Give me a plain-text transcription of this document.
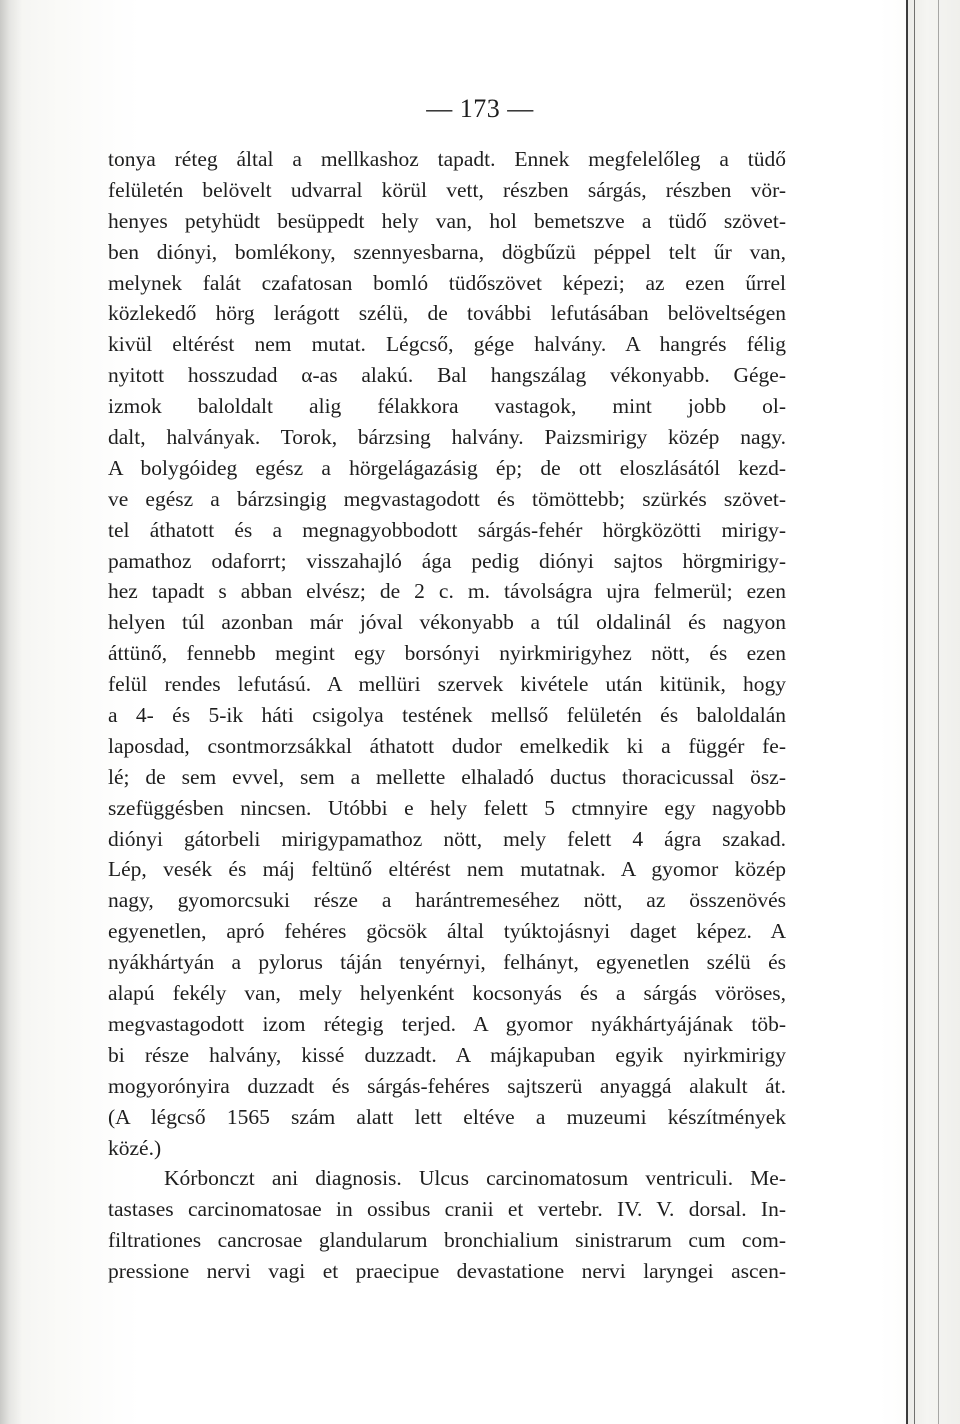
— 173 —
tonya réteg által a mellkashoz tapadt. Ennek megfelelőleg a tüdő
felületén belövelt udvarral körül vett, részben sárgás, részben vör-
henyes petyhüdt besüppedt hely van, hol bemetszve a tüdő szövet-
ben diónyi, bomlékony, szennyesbarna, dögbűzü péppel telt űr van,
melynek falát czafatosan bomló tüdőszövet képezi; az ezen űrrel
közlekedő hörg lerágott szélü, de további lefutásában belöveltségen
kivül eltérést nem mutat. Légcső, gége halvány. A hangrés félig
nyitott hosszudad α-as alakú. Bal hangszálag vékonyabb. Gége-
izmok baloldalt alig félakkora vastagok, mint jobb ol-
dalt, halványak. Torok, bárzsing halvány. Paizsmirigy közép nagy.
A bolygóideg egész a hörgelágazásig ép; de ott eloszlásától kezd-
ve egész a bárzsingig megvastagodott és tömöttebb; szürkés szövet-
tel áthatott és a megnagyobbodott sárgás-fehér hörgközötti mirigy-
pamathoz odaforrt; visszahajló ága pedig diónyi sajtos hörgmirigy-
hez tapadt s abban elvész; de 2 c. m. távolságra ujra felmerül; ezen
helyen túl azonban már jóval vékonyabb a túl oldalinál és nagyon
áttünő, fennebb megint egy borsónyi nyirkmirigyhez nött, és ezen
felül rendes lefutású. A mellüri szervek kivétele után kitünik, hogy
a 4- és 5-ik háti csigolya testének mellső felületén és baloldalán
laposdad, csontmorzsákkal áthatott dudor emelkedik ki a függér fe-
lé; de sem evvel, sem a mellette elhaladó ductus thoracicussal ösz-
szefüggésben nincsen. Utóbbi e hely felett 5 ctmnyire egy nagyobb
diónyi gátorbeli mirigypamathoz nött, mely felett 4 ágra szakad.
Lép, vesék és máj feltünő eltérést nem mutatnak. A gyomor közép
nagy, gyomorcsuki része a harántremeséhez nött, az összenövés
egyenetlen, apró fehéres göcsök által tyúktojásnyi daget képez. A
nyákhártyán a pylorus táján tenyérnyi, felhányt, egyenetlen szélü és
alapú fekély van, mely helyenként kocsonyás és a sárgás vöröses,
megvastagodott izom rétegig terjed. A gyomor nyákhártyájának töb-
bi része halvány, kissé duzzadt. A májkapuban egyik nyirkmirigy
mogyorónyira duzzadt és sárgás-fehéres sajtszerü anyaggá alakult át.
(A légcső 1565 szám alatt lett eltéve a muzeumi készítmények
közé.)
Kórbonczt ani diagnosis. Ulcus carcinomatosum ventriculi. Me-
tastases carcinomatosae in ossibus cranii et vertebr. IV. V. dorsal. In-
filtrationes cancrosae glandularum bronchialium sinistrarum cum com-
pressione nervi vagi et praecipue devastatione nervi laryngei ascen-
